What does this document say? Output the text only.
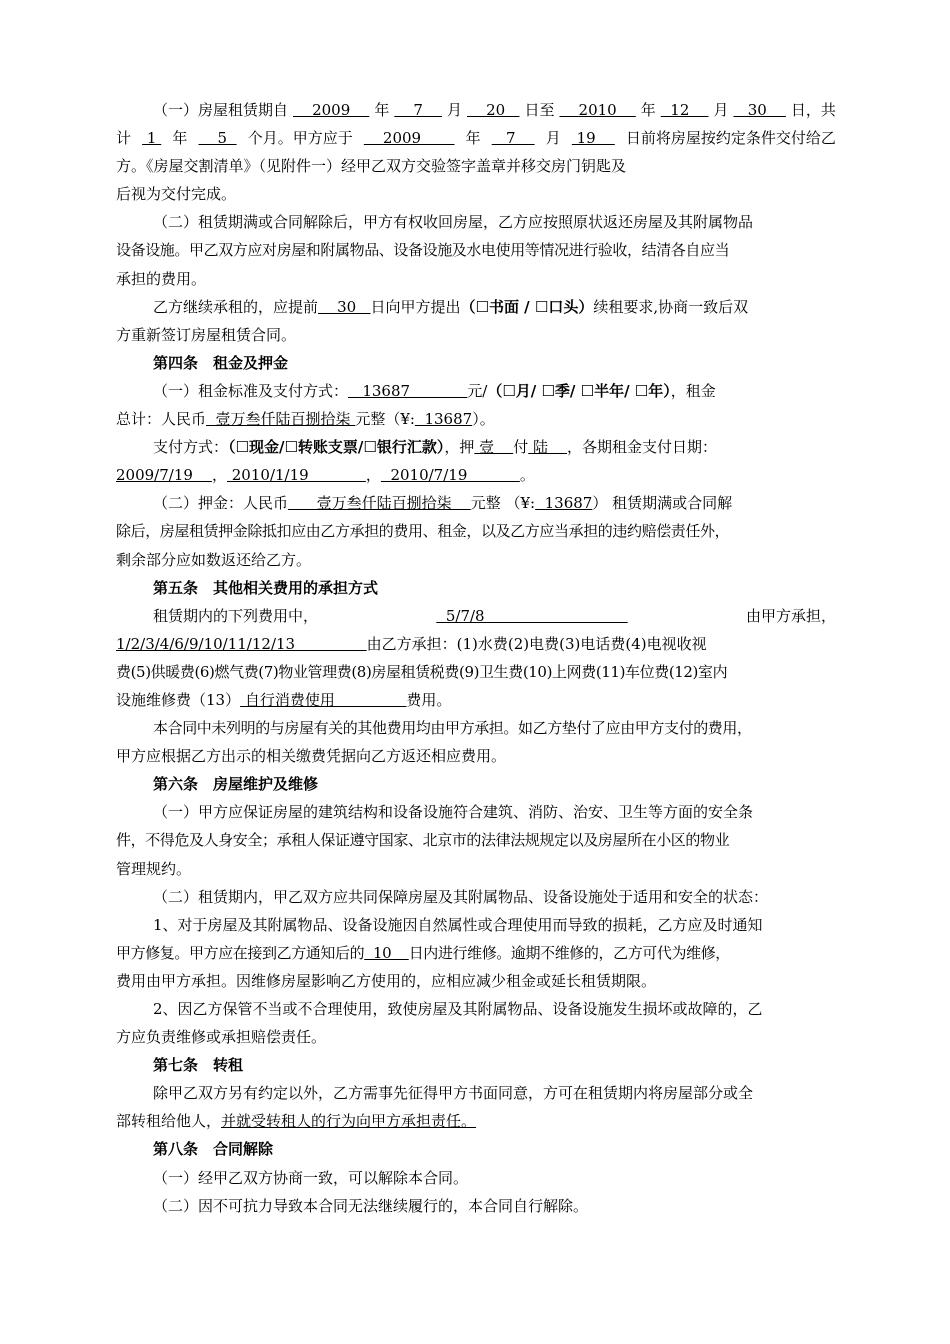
（一）房屋租赁期自 2009 年 7 月 20 日至 2010 年 12 月 30 日，共
计 1 年 5 个月。甲方应于 2009 年 7 月 19 日前将房屋按约定条件交付给乙
方。《房屋交割清单》（见附件一）经甲乙双方交验签字盖章并移交房门钥匙及
后视为交付完成。
（二）租赁期满或合同解除后，甲方有权收回房屋，乙方应按照原状返还房屋及其附属物品
设备设施。甲乙双方应对房屋和附属物品、设备设施及水电使用等情况进行验收，结清各自应当
承担的费用。
乙方继续承租的，应提前    30   日向甲方提出（☐书面 / ☐口头）续租要求,协商一致后双
方重新签订房屋租赁合同。
第四条　租金及押金
（一）租金标准及支付方式：   13687            元/（☐月/ ☐季/ ☐半年/ ☐年），租金
总计：人民币  壹万叁仟陆百捌拾柒 元整（¥:  13687）。
支付方式：（☐现金/☐转账支票/☐银行汇款），押 壹    付 陆    ，各期租金支付日期：
2009/7/19    ， 2010/1/19            ，  2010/7/19           。
（二）押金：人民币      壹万叁仟陆百捌拾柒    元整 （¥:  13687） 租赁期满或合同解
除后，房屋租赁押金除抵扣应由乙方承担的费用、租金，以及乙方应当承担的违约赔偿责任外，
剩余部分应如数返还给乙方。
第五条　其他相关费用的承担方式
租赁期内的下列费用中，	5/7/8	由甲方承担，
1/2/3/4/6/9/10/11/12/13               由乙方承担：(1)水费(2)电费(3)电话费(4)电视收视
费(5)供暖费(6)燃气费(7)物业管理费(8)房屋租赁税费(9)卫生费(10)上网费(11)车位费(12)室内
设施维修费（13） 自行消费使用               费用。
本合同中未列明的与房屋有关的其他费用均由甲方承担。如乙方垫付了应由甲方支付的费用，
甲方应根据乙方出示的相关缴费凭据向乙方返还相应费用。
第六条　房屋维护及维修
（一）甲方应保证房屋的建筑结构和设备设施符合建筑、消防、治安、卫生等方面的安全条
件，不得危及人身安全；承租人保证遵守国家、北京市的法律法规规定以及房屋所在小区的物业
管理规约。
（二）租赁期内，甲乙双方应共同保障房屋及其附属物品、设备设施处于适用和安全的状态：
1、对于房屋及其附属物品、设备设施因自然属性或合理使用而导致的损耗，乙方应及时通知
甲方修复。甲方应在接到乙方通知后的  10    日内进行维修。逾期不维修的，乙方可代为维修，
费用由甲方承担。因维修房屋影响乙方使用的，应相应减少租金或延长租赁期限。
2、因乙方保管不当或不合理使用，致使房屋及其附属物品、设备设施发生损坏或故障的，乙
方应负责维修或承担赔偿责任。
第七条　转租
除甲乙双方另有约定以外，乙方需事先征得甲方书面同意，方可在租赁期内将房屋部分或全
部转租给他人，并就受转租人的行为向甲方承担责任。
第八条　合同解除
（一）经甲乙双方协商一致，可以解除本合同。
（二）因不可抗力导致本合同无法继续履行的，本合同自行解除。
